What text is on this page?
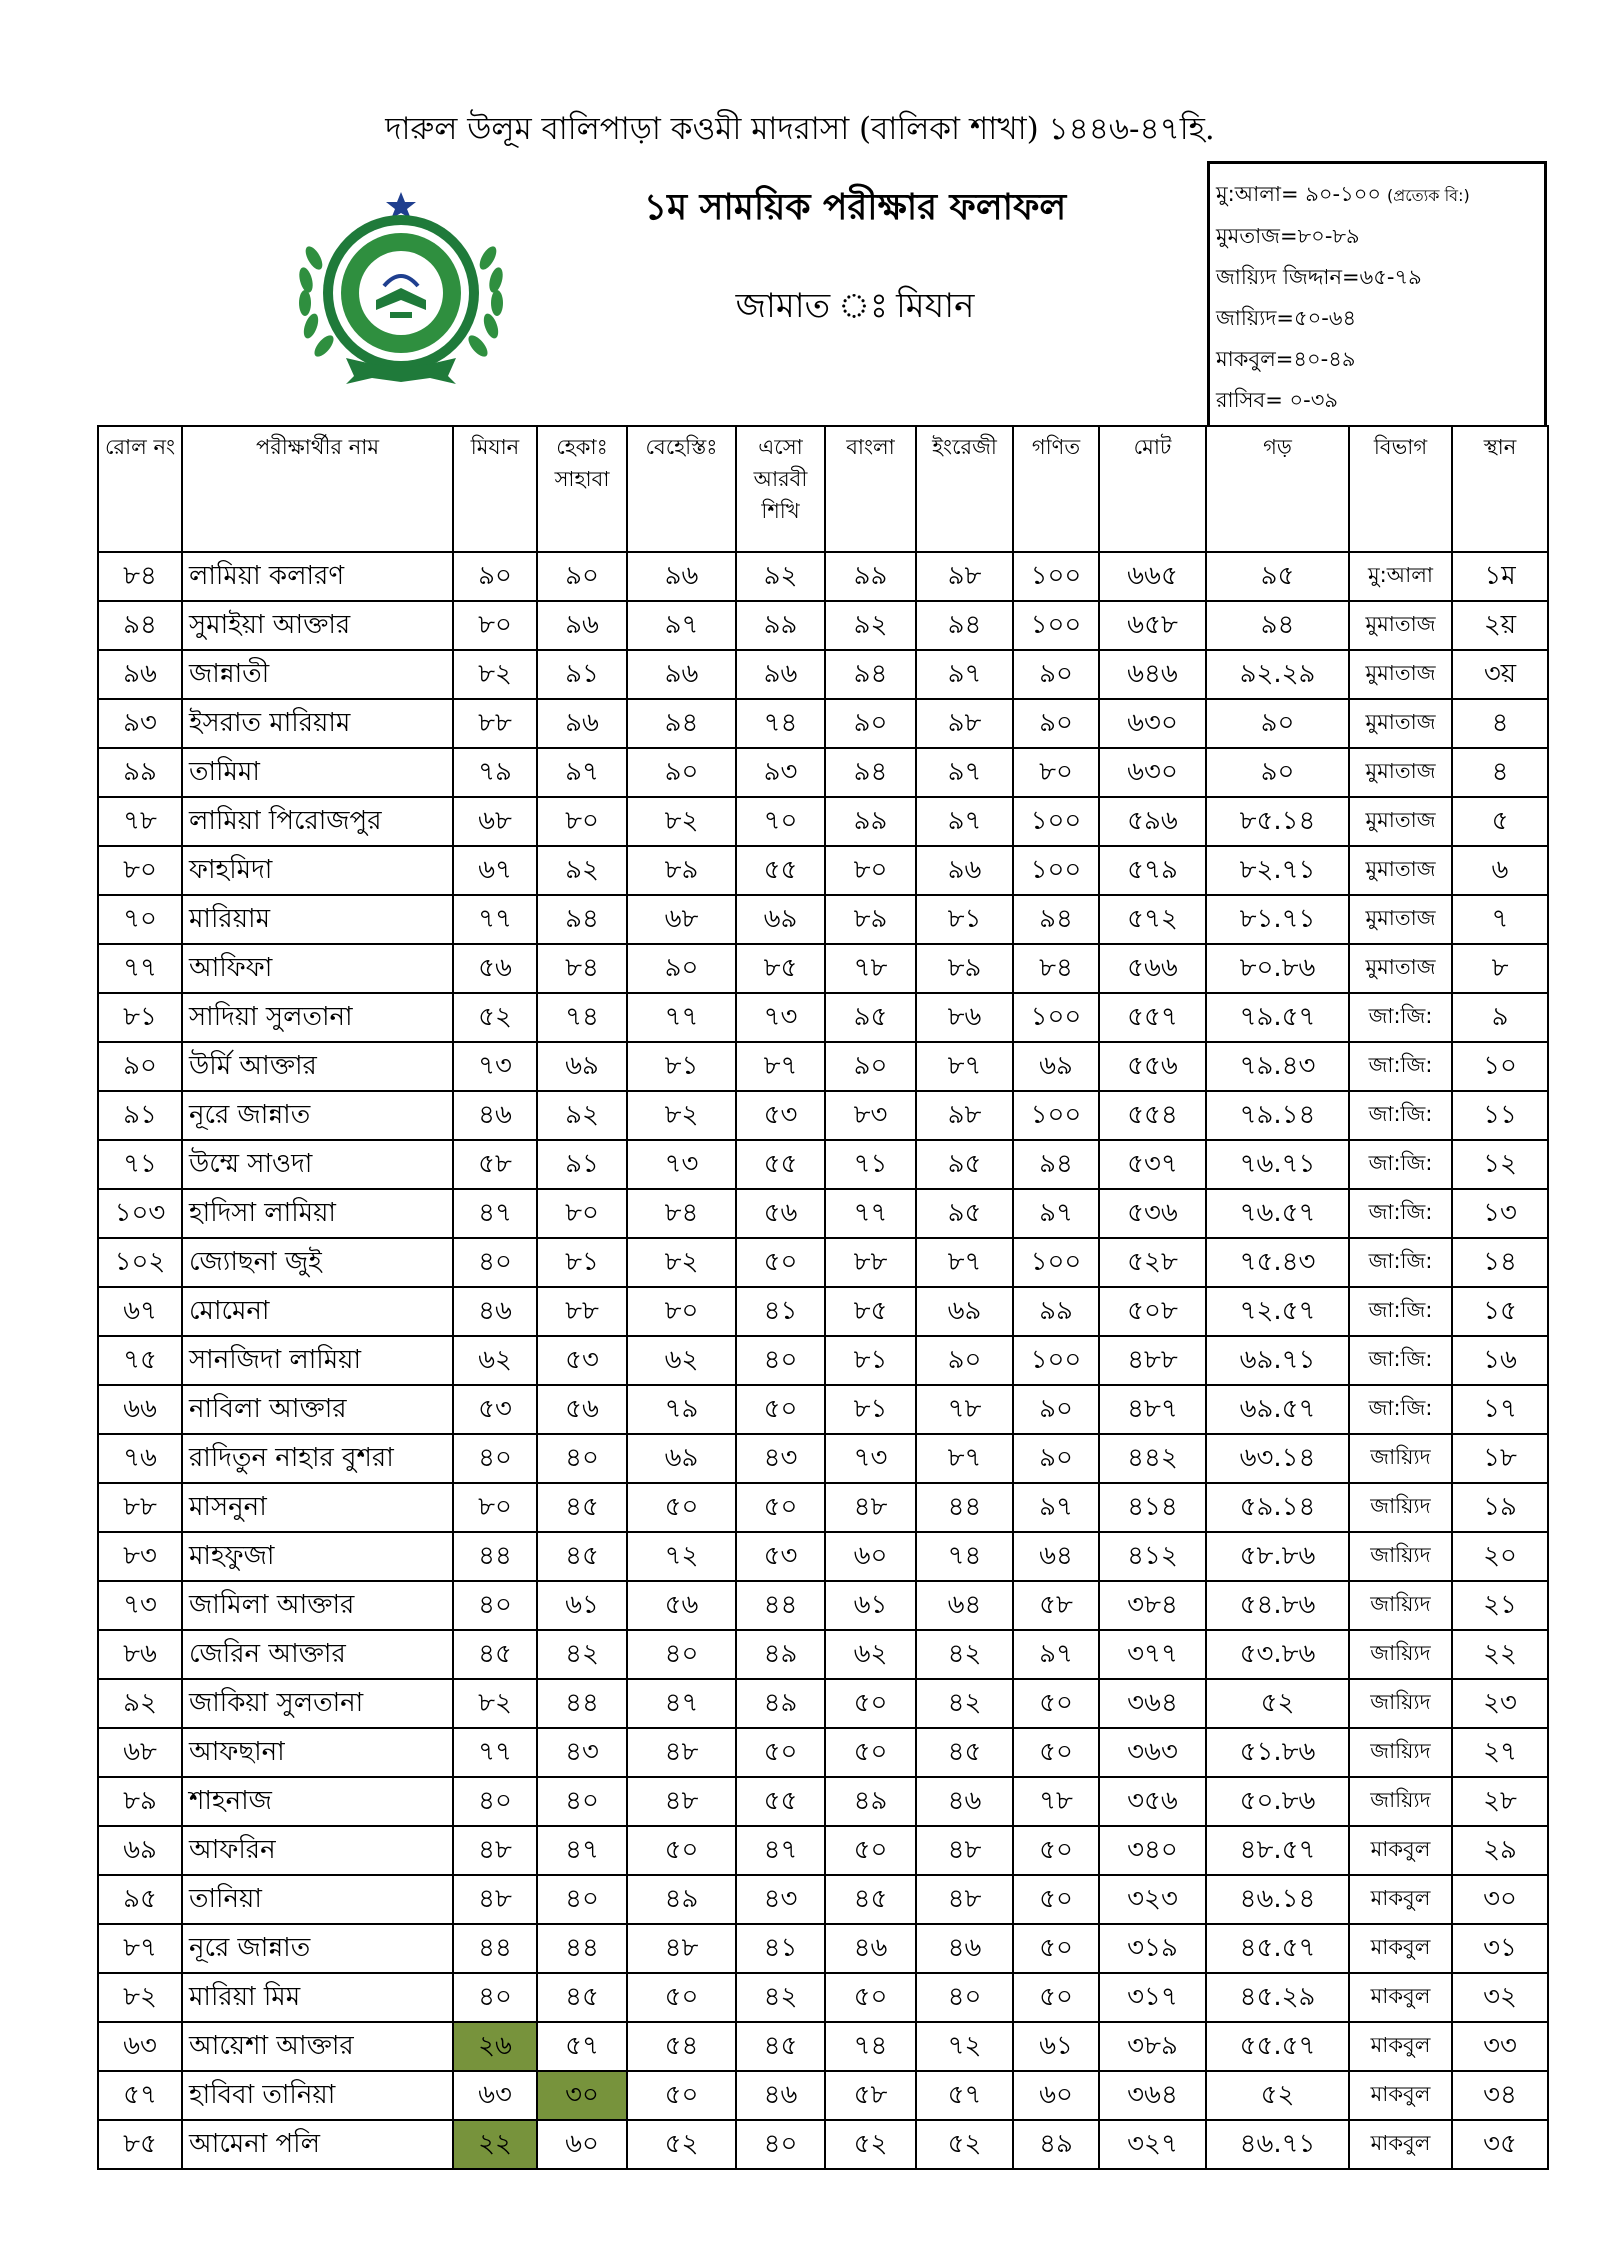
দারুল উলূম বালিপাড়া কওমী মাদরাসা (বালিকা শাখা) ১৪৪৬-৪৭হি.
১ম সাময়িক পরীক্ষার ফলাফল
জামাত ঃ মিযান
মু:আলা= ৯০-১০০ (প্রত্যেক বি:)
মুমতাজ=৮০-৮৯
জায়্যিদ জিদ্দান=৬৫-৭৯
জায়্যিদ=৫০-৬৪
মাকবুল=৪০-৪৯
রাসিব= ০-৩৯
রোল নং	পরীক্ষার্থীর নাম	মিযান	হেকাঃ সাহাবা	বেহেস্তিঃ	এসো আরবী শিখি	বাংলা	ইংরেজী	গণিত	মোট	গড়	বিভাগ	স্থান
৮৪	লামিয়া কলারণ	৯০	৯০	৯৬	৯২	৯৯	৯৮	১০০	৬৬৫	৯৫	মু:আলা	১ম
৯৪	সুমাইয়া আক্তার	৮০	৯৬	৯৭	৯৯	৯২	৯৪	১০০	৬৫৮	৯৪	মুমাতাজ	২য়
৯৬	জান্নাতী	৮২	৯১	৯৬	৯৬	৯৪	৯৭	৯০	৬৪৬	৯২.২৯	মুমাতাজ	৩য়
৯৩	ইসরাত মারিয়াম	৮৮	৯৬	৯৪	৭৪	৯০	৯৮	৯০	৬৩০	৯০	মুমাতাজ	৪
৯৯	তামিমা	৭৯	৯৭	৯০	৯৩	৯৪	৯৭	৮০	৬৩০	৯০	মুমাতাজ	৪
৭৮	লামিয়া পিরোজপুর	৬৮	৮০	৮২	৭০	৯৯	৯৭	১০০	৫৯৬	৮৫.১৪	মুমাতাজ	৫
৮০	ফাহমিদা	৬৭	৯২	৮৯	৫৫	৮০	৯৬	১০০	৫৭৯	৮২.৭১	মুমাতাজ	৬
৭০	মারিয়াম	৭৭	৯৪	৬৮	৬৯	৮৯	৮১	৯৪	৫৭২	৮১.৭১	মুমাতাজ	৭
৭৭	আফিফা	৫৬	৮৪	৯০	৮৫	৭৮	৮৯	৮৪	৫৬৬	৮০.৮৬	মুমাতাজ	৮
৮১	সাদিয়া সুলতানা	৫২	৭৪	৭৭	৭৩	৯৫	৮৬	১০০	৫৫৭	৭৯.৫৭	জা:জি:	৯
৯০	উর্মি আক্তার	৭৩	৬৯	৮১	৮৭	৯০	৮৭	৬৯	৫৫৬	৭৯.৪৩	জা:জি:	১০
৯১	নূরে জান্নাত	৪৬	৯২	৮২	৫৩	৮৩	৯৮	১০০	৫৫৪	৭৯.১৪	জা:জি:	১১
৭১	উম্মে সাওদা	৫৮	৯১	৭৩	৫৫	৭১	৯৫	৯৪	৫৩৭	৭৬.৭১	জা:জি:	১২
১০৩	হাদিসা লামিয়া	৪৭	৮০	৮৪	৫৬	৭৭	৯৫	৯৭	৫৩৬	৭৬.৫৭	জা:জি:	১৩
১০২	জ্যোছনা জুই	৪০	৮১	৮২	৫০	৮৮	৮৭	১০০	৫২৮	৭৫.৪৩	জা:জি:	১৪
৬৭	মোমেনা	৪৬	৮৮	৮০	৪১	৮৫	৬৯	৯৯	৫০৮	৭২.৫৭	জা:জি:	১৫
৭৫	সানজিদা লামিয়া	৬২	৫৩	৬২	৪০	৮১	৯০	১০০	৪৮৮	৬৯.৭১	জা:জি:	১৬
৬৬	নাবিলা আক্তার	৫৩	৫৬	৭৯	৫০	৮১	৭৮	৯০	৪৮৭	৬৯.৫৭	জা:জি:	১৭
৭৬	রাদিতুন নাহার বুশরা	৪০	৪০	৬৯	৪৩	৭৩	৮৭	৯০	৪৪২	৬৩.১৪	জায়্যিদ	১৮
৮৮	মাসনুনা	৮০	৪৫	৫০	৫০	৪৮	৪৪	৯৭	৪১৪	৫৯.১৪	জায়্যিদ	১৯
৮৩	মাহফুজা	৪৪	৪৫	৭২	৫৩	৬০	৭৪	৬৪	৪১২	৫৮.৮৬	জায়্যিদ	২০
৭৩	জামিলা আক্তার	৪০	৬১	৫৬	৪৪	৬১	৬৪	৫৮	৩৮৪	৫৪.৮৬	জায়্যিদ	২১
৮৬	জেরিন আক্তার	৪৫	৪২	৪০	৪৯	৬২	৪২	৯৭	৩৭৭	৫৩.৮৬	জায়্যিদ	২২
৯২	জাকিয়া সুলতানা	৮২	৪৪	৪৭	৪৯	৫০	৪২	৫০	৩৬৪	৫২	জায়্যিদ	২৩
৬৮	আফছানা	৭৭	৪৩	৪৮	৫০	৫০	৪৫	৫০	৩৬৩	৫১.৮৬	জায়্যিদ	২৭
৮৯	শাহনাজ	৪০	৪০	৪৮	৫৫	৪৯	৪৬	৭৮	৩৫৬	৫০.৮৬	জায়্যিদ	২৮
৬৯	আফরিন	৪৮	৪৭	৫০	৪৭	৫০	৪৮	৫০	৩৪০	৪৮.৫৭	মাকবুল	২৯
৯৫	তানিয়া	৪৮	৪০	৪৯	৪৩	৪৫	৪৮	৫০	৩২৩	৪৬.১৪	মাকবুল	৩০
৮৭	নূরে জান্নাত	৪৪	৪৪	৪৮	৪১	৪৬	৪৬	৫০	৩১৯	৪৫.৫৭	মাকবুল	৩১
৮২	মারিয়া মিম	৪০	৪৫	৫০	৪২	৫০	৪০	৫০	৩১৭	৪৫.২৯	মাকবুল	৩২
৬৩	আয়েশা আক্তার	২৬	৫৭	৫৪	৪৫	৭৪	৭২	৬১	৩৮৯	৫৫.৫৭	মাকবুল	৩৩
৫৭	হাবিবা তানিয়া	৬৩	৩০	৫০	৪৬	৫৮	৫৭	৬০	৩৬৪	৫২	মাকবুল	৩৪
৮৫	আমেনা পলি	২২	৬০	৫২	৪০	৫২	৫২	৪৯	৩২৭	৪৬.৭১	মাকবুল	৩৫
